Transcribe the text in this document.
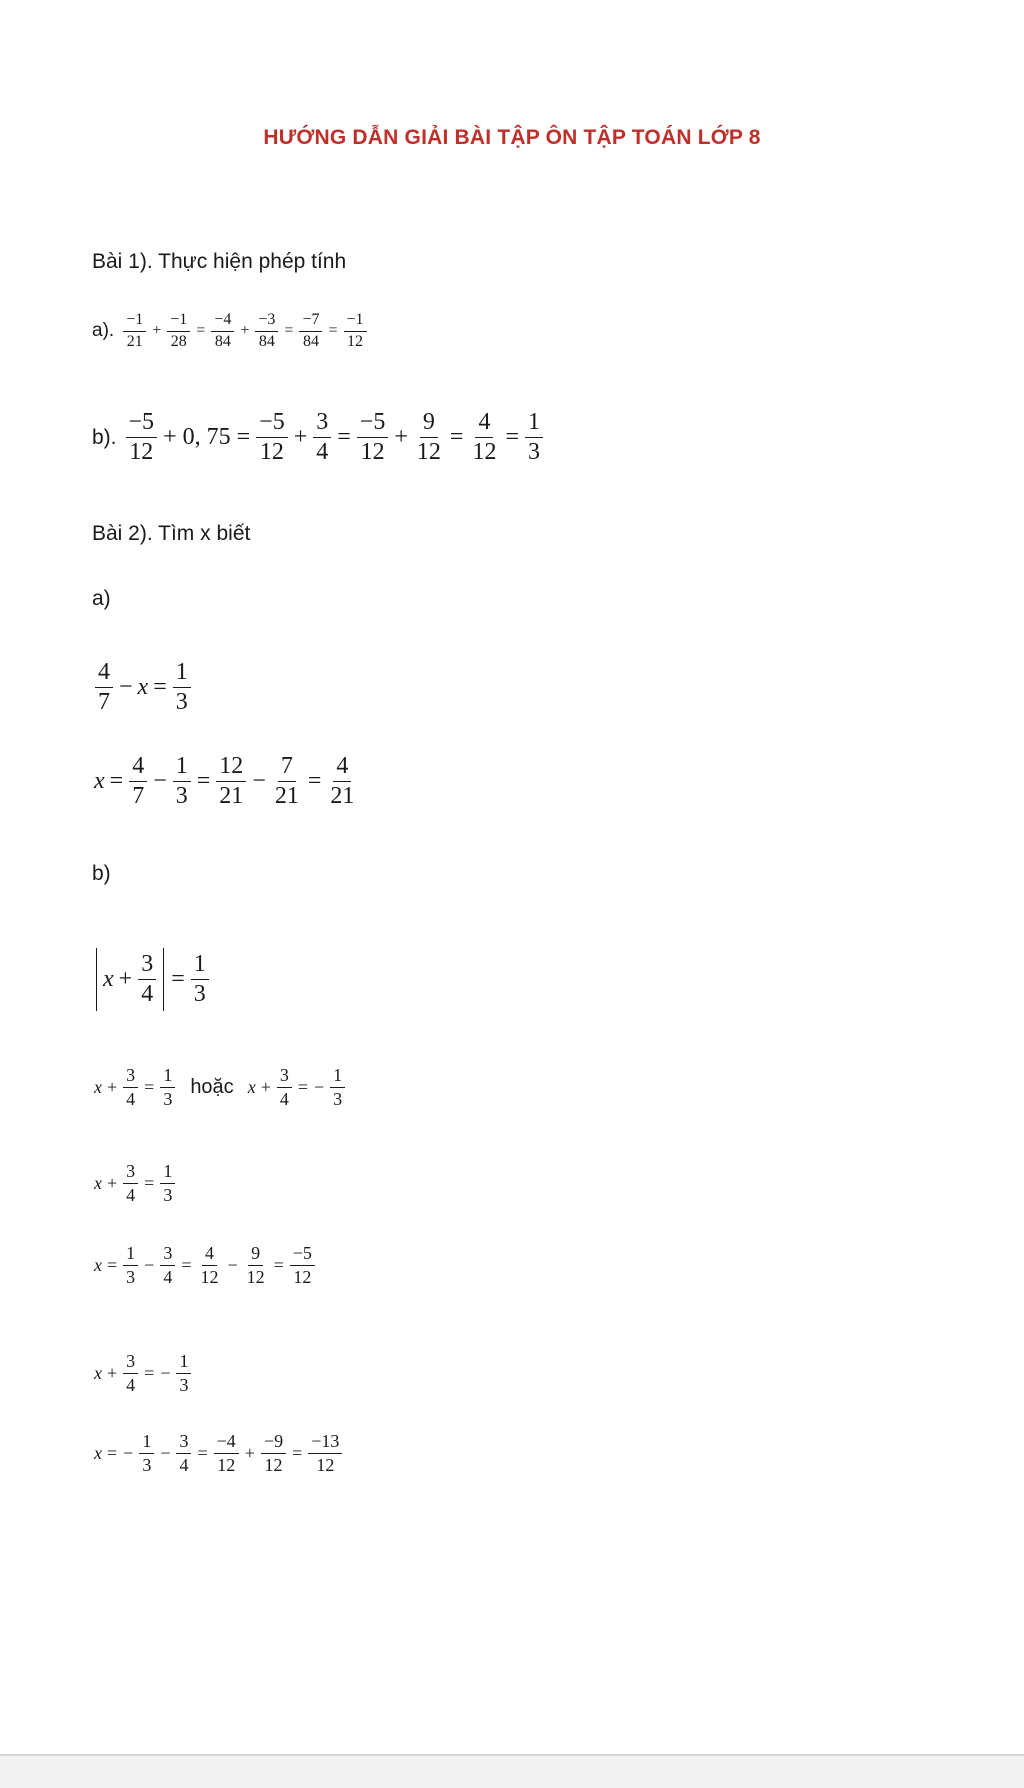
HƯỚNG DẪN GIẢI BÀI TẬP ÔN TẬP TOÁN LỚP 8
Bài 1). Thực hiện phép tính
a). $\frac{-1}{21} + \frac{-1}{28} = \frac{-4}{84} + \frac{-3}{84} = \frac{-7}{84} = \frac{-1}{12}$
b). $\frac{-5}{12} + 0$, $75 = \frac{-5}{12} + \frac{3}{4} = \frac{-5}{12} + \frac{9}{12} = \frac{4}{12} = \frac{1}{3}$
Bài 2). Tìm x biết
a)
$\frac{4}{7} - x = \frac{1}{3}$
$x = \frac{4}{7} - \frac{1}{3} = \frac{12}{21} - \frac{7}{21} = \frac{4}{21}$
b)
$x + \frac{3}{4} = \frac{1}{3}$
$x + \frac{3}{4} = \frac{1}{3}$ hoặc $x + \frac{3}{4}$ = − $\frac{1}{3}$
$x + \frac{3}{4} = \frac{1}{3}$
$x = \frac{1}{3} - \frac{3}{4} = \frac{4}{12} - \frac{9}{12} = \frac{-5}{12}$
$x + \frac{3}{4}$ = − $\frac{1}{3}$
x = − $\frac{1}{3} - \frac{3}{4} = \frac{-4}{12} + \frac{-9}{12} = \frac{-13}{12}$
